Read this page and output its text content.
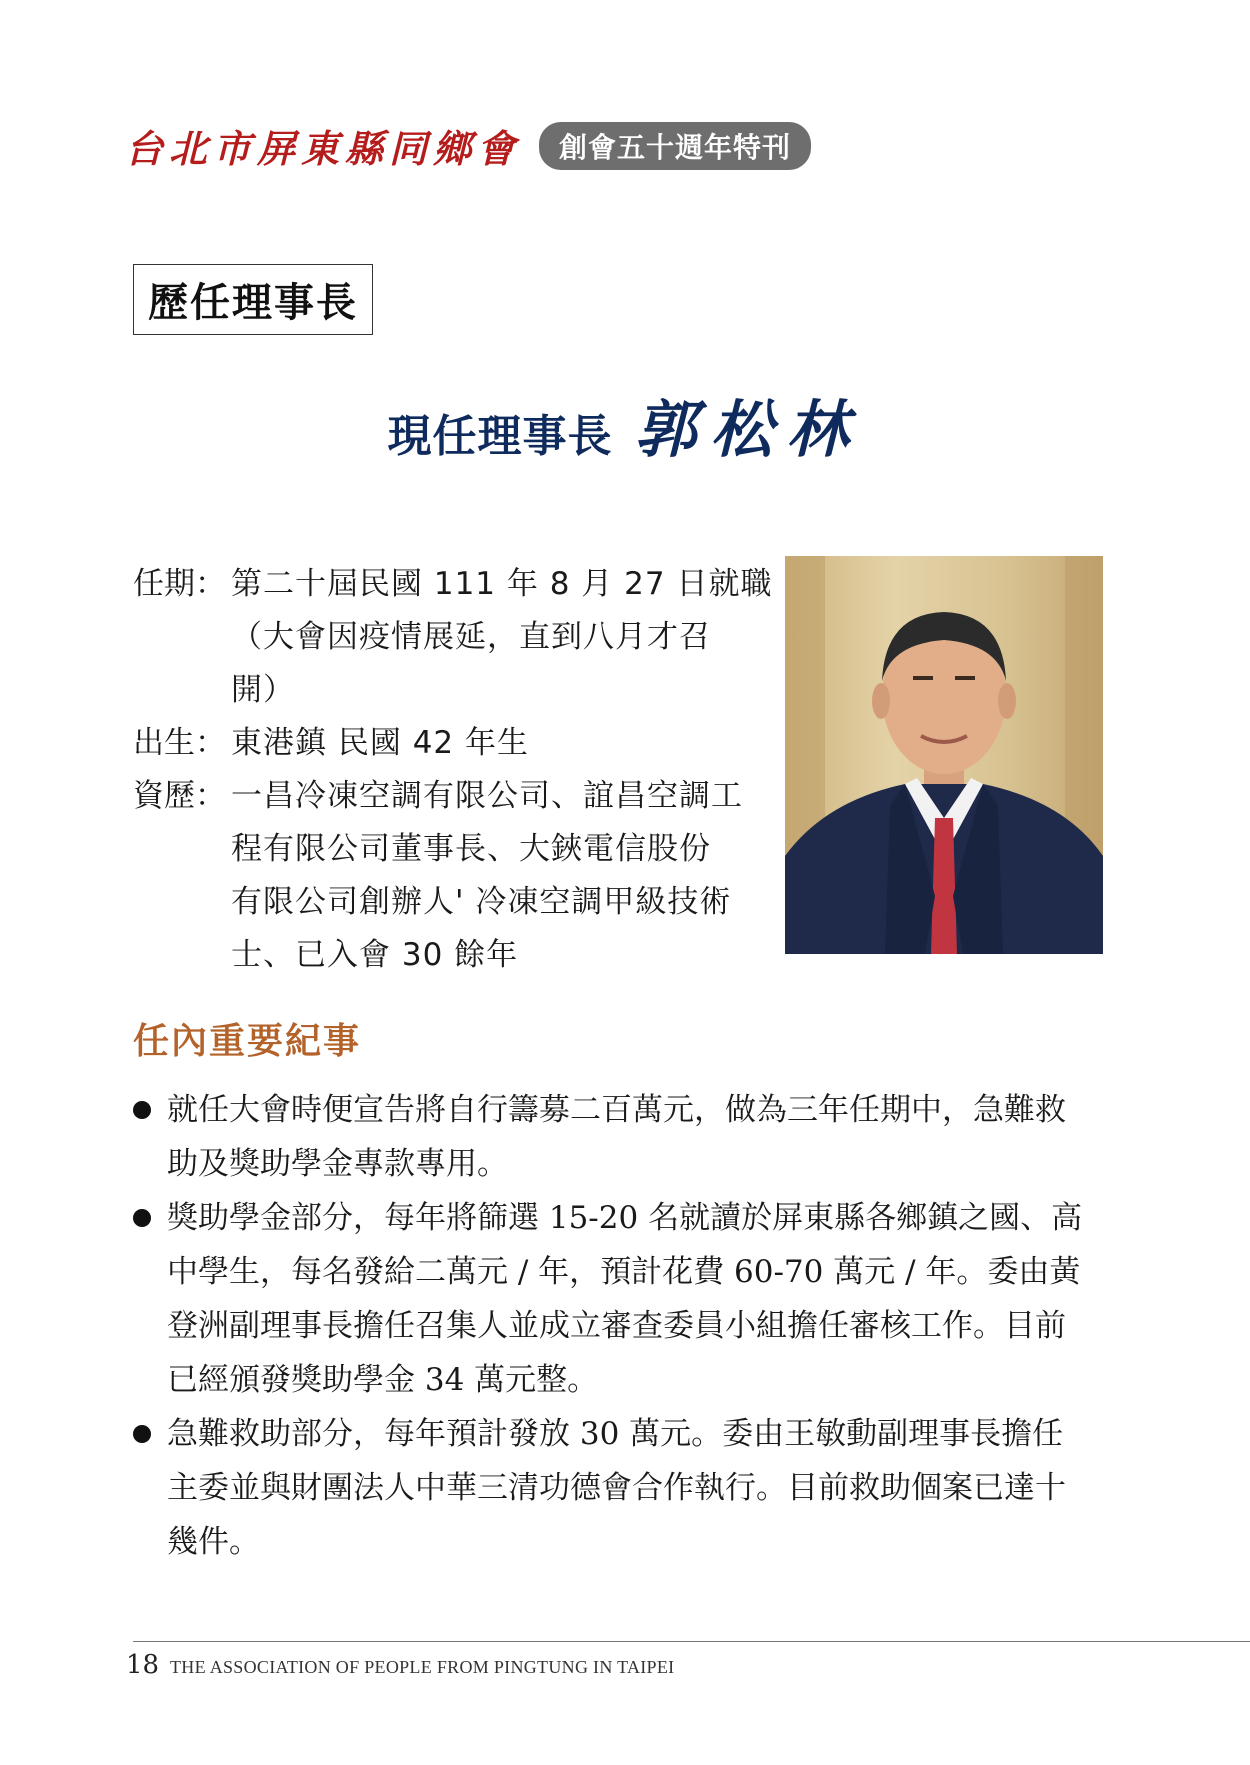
台北市屏東縣同鄉會	創會五十週年特刊
歷任理事長
現任理事長 郭松林
任期： 第二十屆民國 111 年 8 月 27 日就職
（大會因疫情展延，直到八月才召
開）
出生： 東港鎮 民國 42 年生
資歷： 一昌冷凍空調有限公司、誼昌空調工
程有限公司董事長、大鋏電信股份
有限公司創辦人' 冷凍空調甲級技術
士、已入會 30 餘年
任內重要紀事
就任大會時便宣告將自行籌募二百萬元，做為三年任期中，急難救
助及獎助學金專款專用。
獎助學金部分，每年將篩選 15-20 名就讀於屏東縣各鄉鎮之國、高
中學生，每名發給二萬元 / 年，預計花費 60-70 萬元 / 年。委由黃
登洲副理事長擔任召集人並成立審查委員小組擔任審核工作。目前
已經頒發獎助學金 34 萬元整。
急難救助部分，每年預計發放 30 萬元。委由王敏動副理事長擔任
主委並與財團法人中華三清功德會合作執行。目前救助個案已達十
幾件。
18 THE ASSOCIATION OF PEOPLE FROM PINGTUNG IN TAIPEI
